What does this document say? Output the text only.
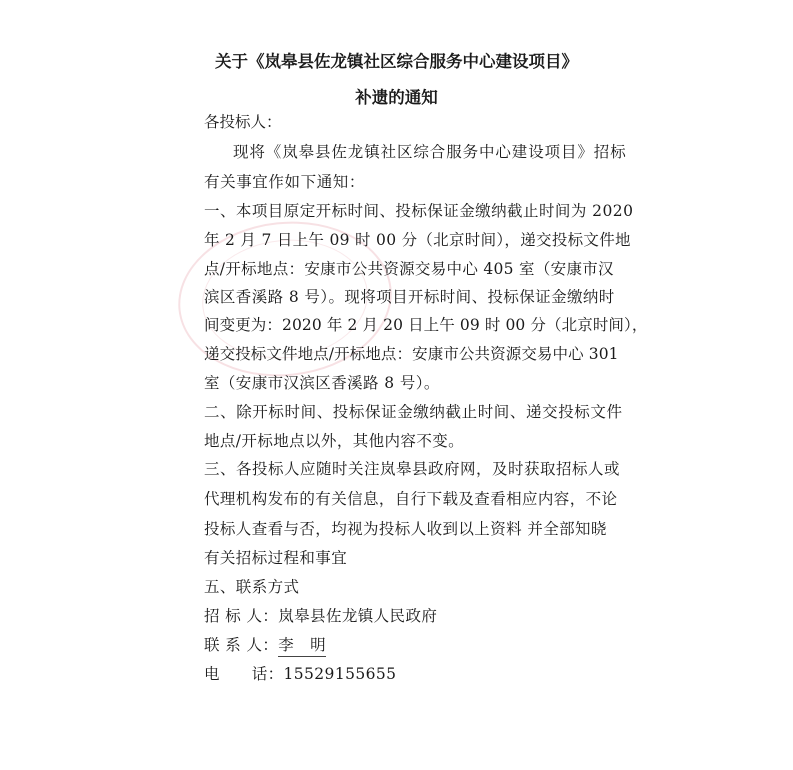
关于《岚皋县佐龙镇社区综合服务中心建设项目》
补遗的通知
各投标人：
现将《岚皋县佐龙镇社区综合服务中心建设项目》招标
有关事宜作如下通知：
一、本项目原定开标时间、投标保证金缴纳截止时间为 2020
年 2 月 7 日上午 09 时 00 分（北京时间），递交投标文件地
点/开标地点：安康市公共资源交易中心 405 室（安康市汉
滨区香溪路 8 号）。现将项目开标时间、投标保证金缴纳时
间变更为：2020 年 2 月 20 日上午 09 时 00 分（北京时间），
递交投标文件地点/开标地点：安康市公共资源交易中心 301
室（安康市汉滨区香溪路 8 号）。
二、除开标时间、投标保证金缴纳截止时间、递交投标文件
地点/开标地点以外，其他内容不变。
三、各投标人应随时关注岚皋县政府网，及时获取招标人或
代理机构发布的有关信息，自行下载及查看相应内容，不论
投标人查看与否，均视为投标人收到以上资料 并全部知晓
有关招标过程和事宜
五、联系方式
招 标 人：岚皋县佐龙镇人民政府
联 系 人：李　明
电　　话：15529155655
